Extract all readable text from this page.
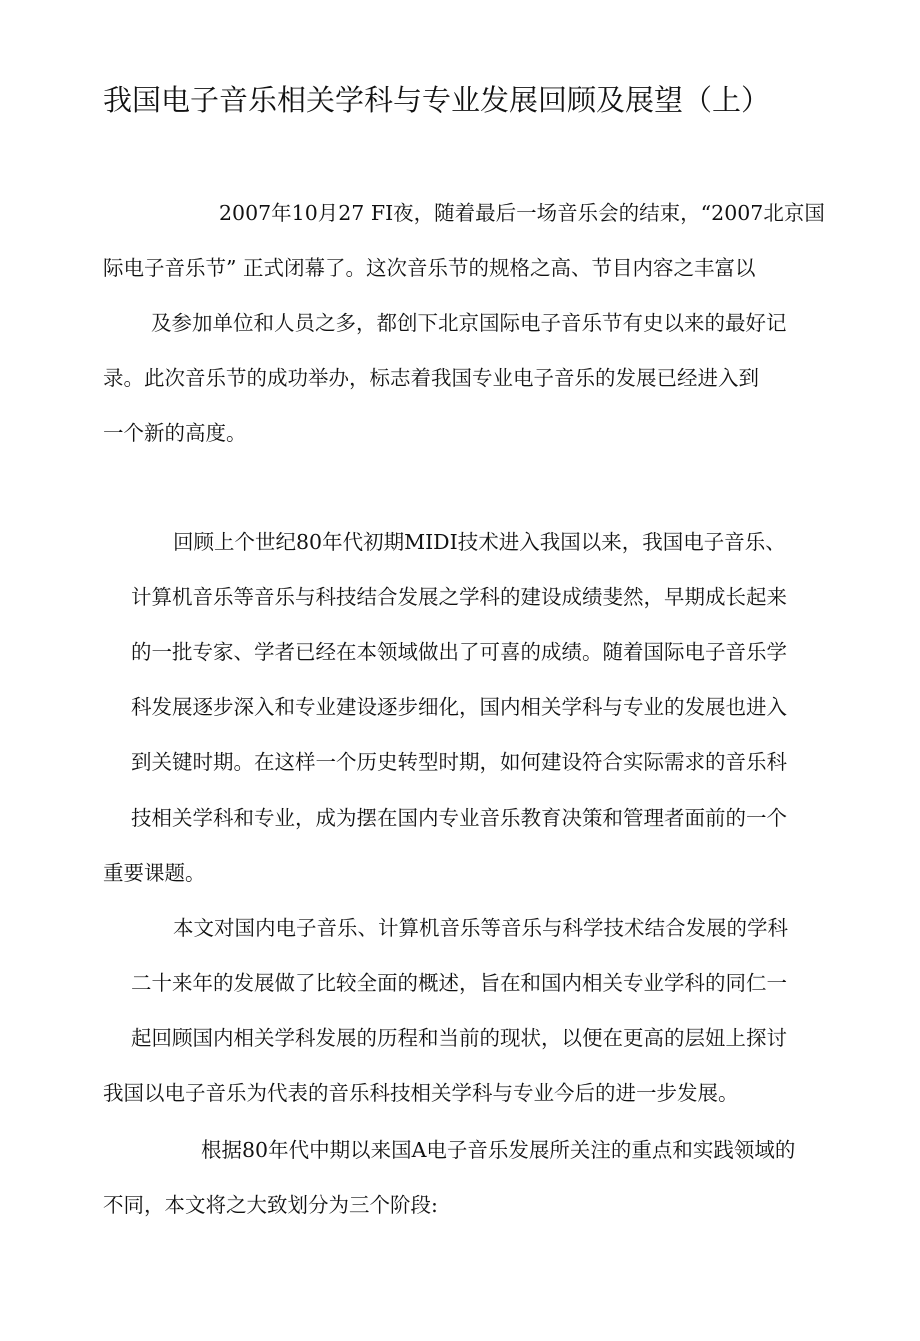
我国电子音乐相关学科与专业发展回顾及展望（上）
2007年10月27 FI夜，随着最后一场音乐会的结束，“2007北京国
际电子音乐节” 正式闭幕了。这次音乐节的规格之高、节目内容之丰富以
及参加单位和人员之多，都创下北京国际电子音乐节有史以来的最好记
录。此次音乐节的成功举办，标志着我国专业电子音乐的发展已经进入到
一个新的高度。
回顾上个世纪80年代初期MIDI技术进入我国以来，我国电子音乐、
计算机音乐等音乐与科技结合发展之学科的建设成绩斐然，早期成长起来
的一批专家、学者已经在本领域做出了可喜的成绩。随着国际电子音乐学
科发展逐步深入和专业建设逐步细化，国内相关学科与专业的发展也进入
到关键时期。在这样一个历史转型时期，如何建设符合实际需求的音乐科
技相关学科和专业，成为摆在国内专业音乐教育决策和管理者面前的一个
重要课题。
本文对国内电子音乐、计算机音乐等音乐与科学技术结合发展的学科
二十来年的发展做了比较全面的概述，旨在和国内相关专业学科的同仁一
起回顾国内相关学科发展的历程和当前的现状，以便在更高的层妞上探讨
我国以电子音乐为代表的音乐科技相关学科与专业今后的进一步发展。
根据80年代中期以来国A电子音乐发展所关注的重点和实践领域的
不同，本文将之大致划分为三个阶段:
